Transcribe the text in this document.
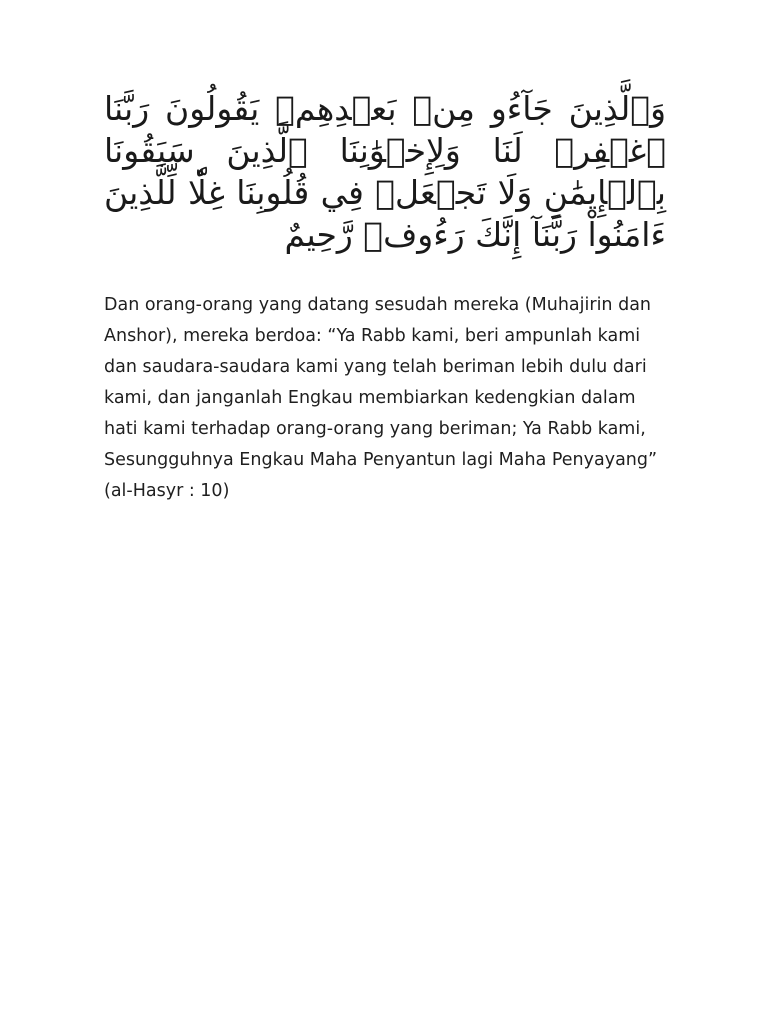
وَٱلَّذِينَ جَآءُو مِنۢ بَعۡدِهِمۡ يَقُولُونَ رَبَّنَا ٱغۡفِرۡ لَنَا وَلِإِخۡوَٰنِنَا ٱلَّذِينَ سَبَقُونَا بِٱلۡإِيمَٰنِ وَلَا تَجۡعَلۡ فِي قُلُوبِنَا غِلّٗا لِّلَّذِينَ ءَامَنُواْ رَبَّنَآ إِنَّكَ رَءُوفٞ رَّحِيمٌ

Dan orang-orang yang datang sesudah mereka (Muhajirin dan Anshor), mereka berdoa: “Ya Rabb kami, beri ampunlah kami dan saudara-saudara kami yang telah beriman lebih dulu dari kami, dan janganlah Engkau membiarkan kedengkian dalam hati kami terhadap orang-orang yang beriman; Ya Rabb kami, Sesungguhnya Engkau Maha Penyantun lagi Maha Penyayang” (al-Hasyr : 10)
